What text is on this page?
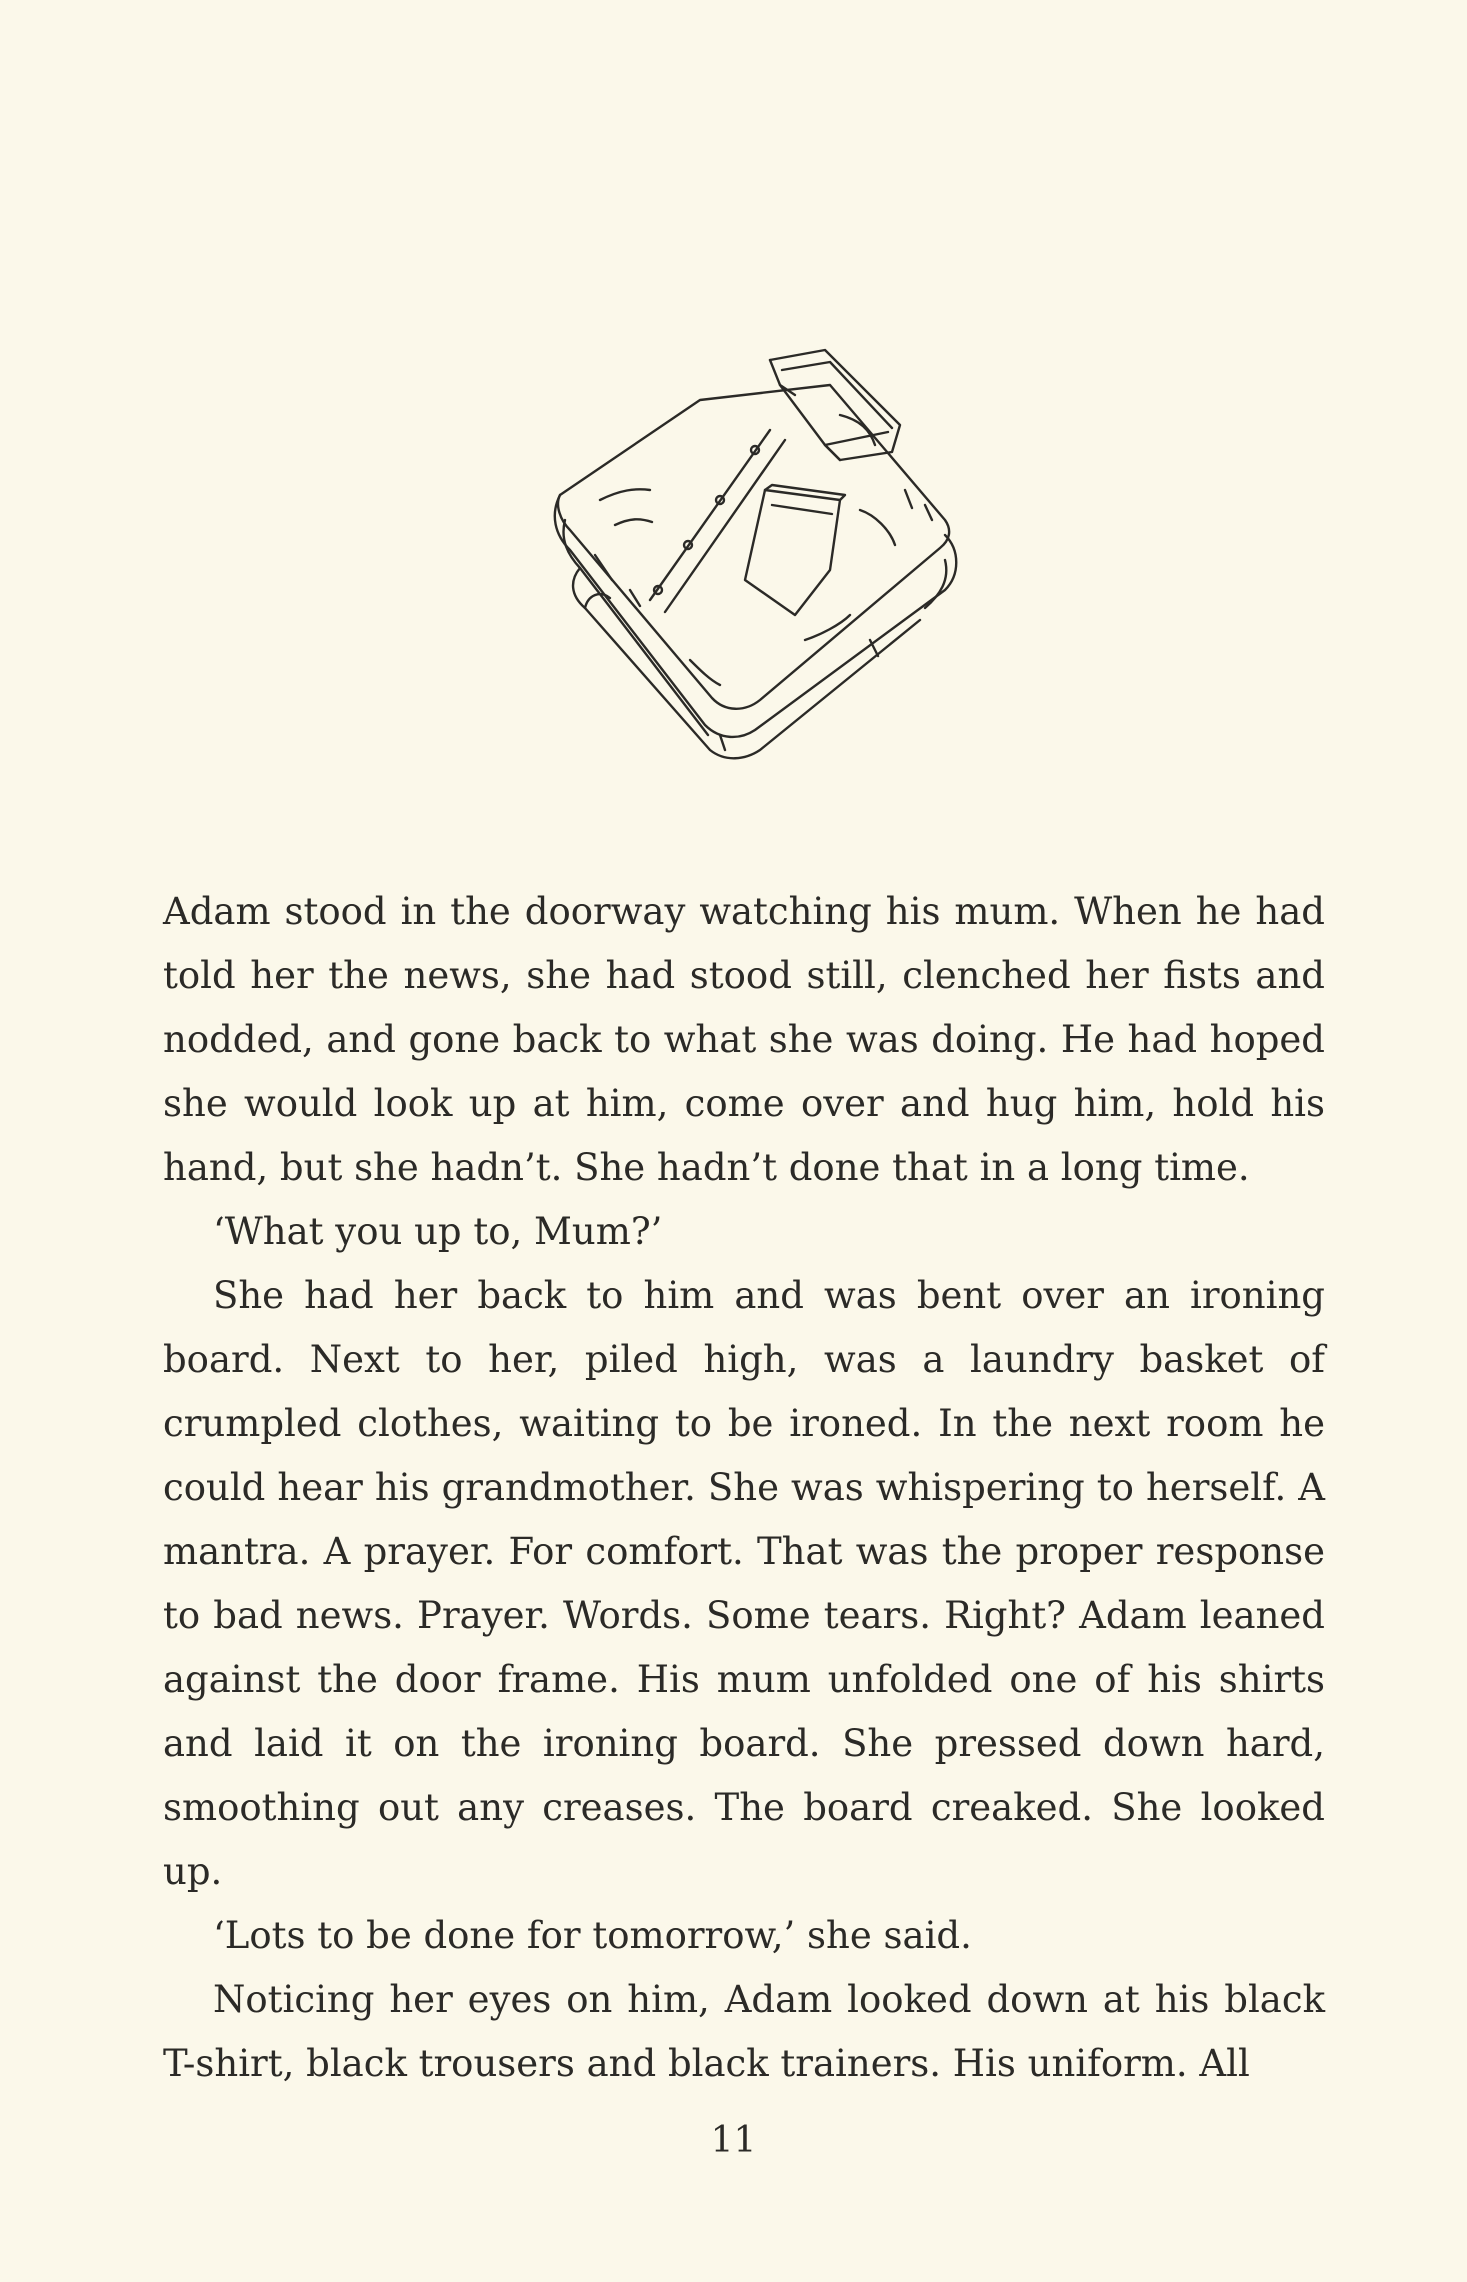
Adam stood in the doorway watching his mum. When he had told her the news, she had stood still, clenched her fists and nodded, and gone back to what she was doing. He had hoped she would look up at him, come over and hug him, hold his hand, but she hadn’t. She hadn’t done that in a long time.

‘What you up to, Mum?’

She had her back to him and was bent over an ironing board. Next to her, piled high, was a laundry basket of crumpled clothes, waiting to be ironed. In the next room he could hear his grandmother. She was whispering to herself. A mantra. A prayer. For comfort. That was the proper response to bad news. Prayer. Words. Some tears. Right? Adam leaned against the door frame. His mum unfolded one of his shirts and laid it on the ironing board. She pressed down hard, smoothing out any creases. The board creaked. She looked up.

‘Lots to be done for tomorrow,’ she said.

Noticing her eyes on him, Adam looked down at his black T-shirt, black trousers and black trainers. His uniform. All

11
